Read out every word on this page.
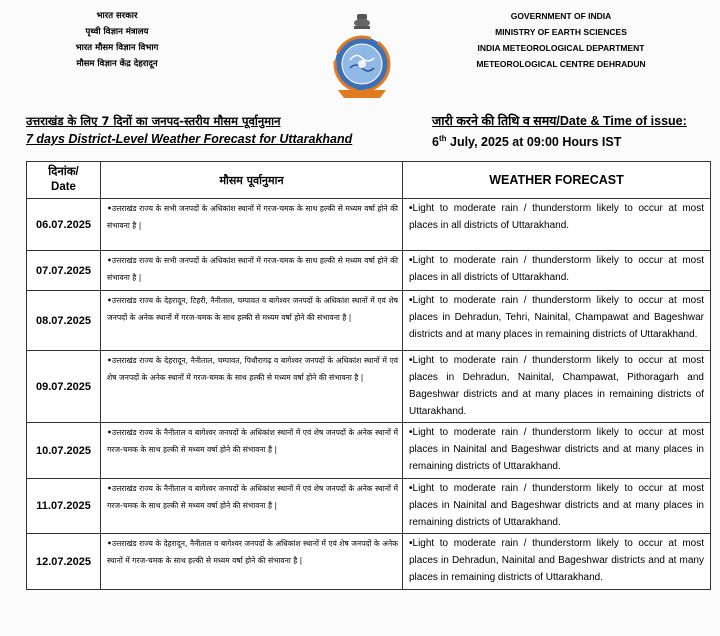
भारत सरकार
पृथ्वी विज्ञान मंत्रालय
भारत मौसम विज्ञान विभाग
मौसम विज्ञान केंद्र देहरादून
GOVERNMENT OF INDIA
MINISTRY OF EARTH SCIENCES
INDIA METEOROLOGICAL DEPARTMENT
METEOROLOGICAL CENTRE DEHRADUN
उत्तराखंड के लिए 7 दिनों का जनपद-स्तरीय मौसम पूर्वानुमान
7 days District-Level Weather Forecast for Uttarakhand
जारी करने की तिथि व समय/Date & Time of issue:
6th July, 2025 at 09:00 Hours IST
दिनांक/
Date	मौसम पूर्वानुमान	WEATHER FORECAST
06.07.2025	•उत्तराखंड राज्य के सभी जनपदों के अधिकांश स्थानों में गरज-चमक के साथ हल्की से मध्यम वर्षा होने की संभावना है |	•Light to moderate rain / thunderstorm likely to occur at most places in all districts of Uttarakhand.
07.07.2025	•उत्तराखंड राज्य के सभी जनपदों के अधिकांश स्थानों में गरज-चमक के साथ हल्की से मध्यम वर्षा होने की संभावना है |	•Light to moderate rain / thunderstorm likely to occur at most places in all districts of Uttarakhand.
08.07.2025	•उत्तराखंड राज्य के देहरादून, टिहरी, नैनीताल, चम्पावत व बागेश्वर जनपदों के अधिकांश स्थानों में एवं शेष जनपदों के अनेक स्थानों में गरज-चमक के साथ हल्की से मध्यम वर्षा होने की संभावना है |	•Light to moderate rain / thunderstorm likely to occur at most places in Dehradun, Tehri, Nainital, Champawat and Bageshwar districts and at many places in remaining districts of Uttarakhand.
09.07.2025	•उत्तराखंड राज्य के देहरादून, नैनीताल, चम्पावत, पिथौरागढ़ व बागेश्वर जनपदों के अधिकांश स्थानों में एवं शेष जनपदों के अनेक स्थानों में गरज-चमक के साथ हल्की से मध्यम वर्षा होने की संभावना है |	•Light to moderate rain / thunderstorm likely to occur at most places in Dehradun, Nainital, Champawat, Pithoragarh and Bageshwar districts and at many places in remaining districts of Uttarakhand.
10.07.2025	•उत्तराखंड राज्य के नैनीताल व बागेश्वर जनपदों के अधिकांश स्थानों में एवं शेष जनपदों के अनेक स्थानों में गरज-चमक के साथ हल्की से मध्यम वर्षा होने की संभावना है |	•Light to moderate rain / thunderstorm likely to occur at most places in Nainital and Bageshwar districts and at many places in remaining districts of Uttarakhand.
11.07.2025	•उत्तराखंड राज्य के नैनीताल व बागेश्वर जनपदों के अधिकांश स्थानों में एवं शेष जनपदों के अनेक स्थानों में गरज-चमक के साथ हल्की से मध्यम वर्षा होने की संभावना है |	•Light to moderate rain / thunderstorm likely to occur at most places in Nainital and Bageshwar districts and at many places in remaining districts of Uttarakhand.
12.07.2025	•उत्तराखंड राज्य के देहरादून, नैनीताल व बागेश्वर जनपदों के अधिकांश स्थानों में एवं शेष जनपदों के अनेक स्थानों में गरज-चमक के साथ हल्की से मध्यम वर्षा होने की संभावना है |	•Light to moderate rain / thunderstorm likely to occur at most places in Dehradun, Nainital and Bageshwar districts and at many places in remaining districts of Uttarakhand.
